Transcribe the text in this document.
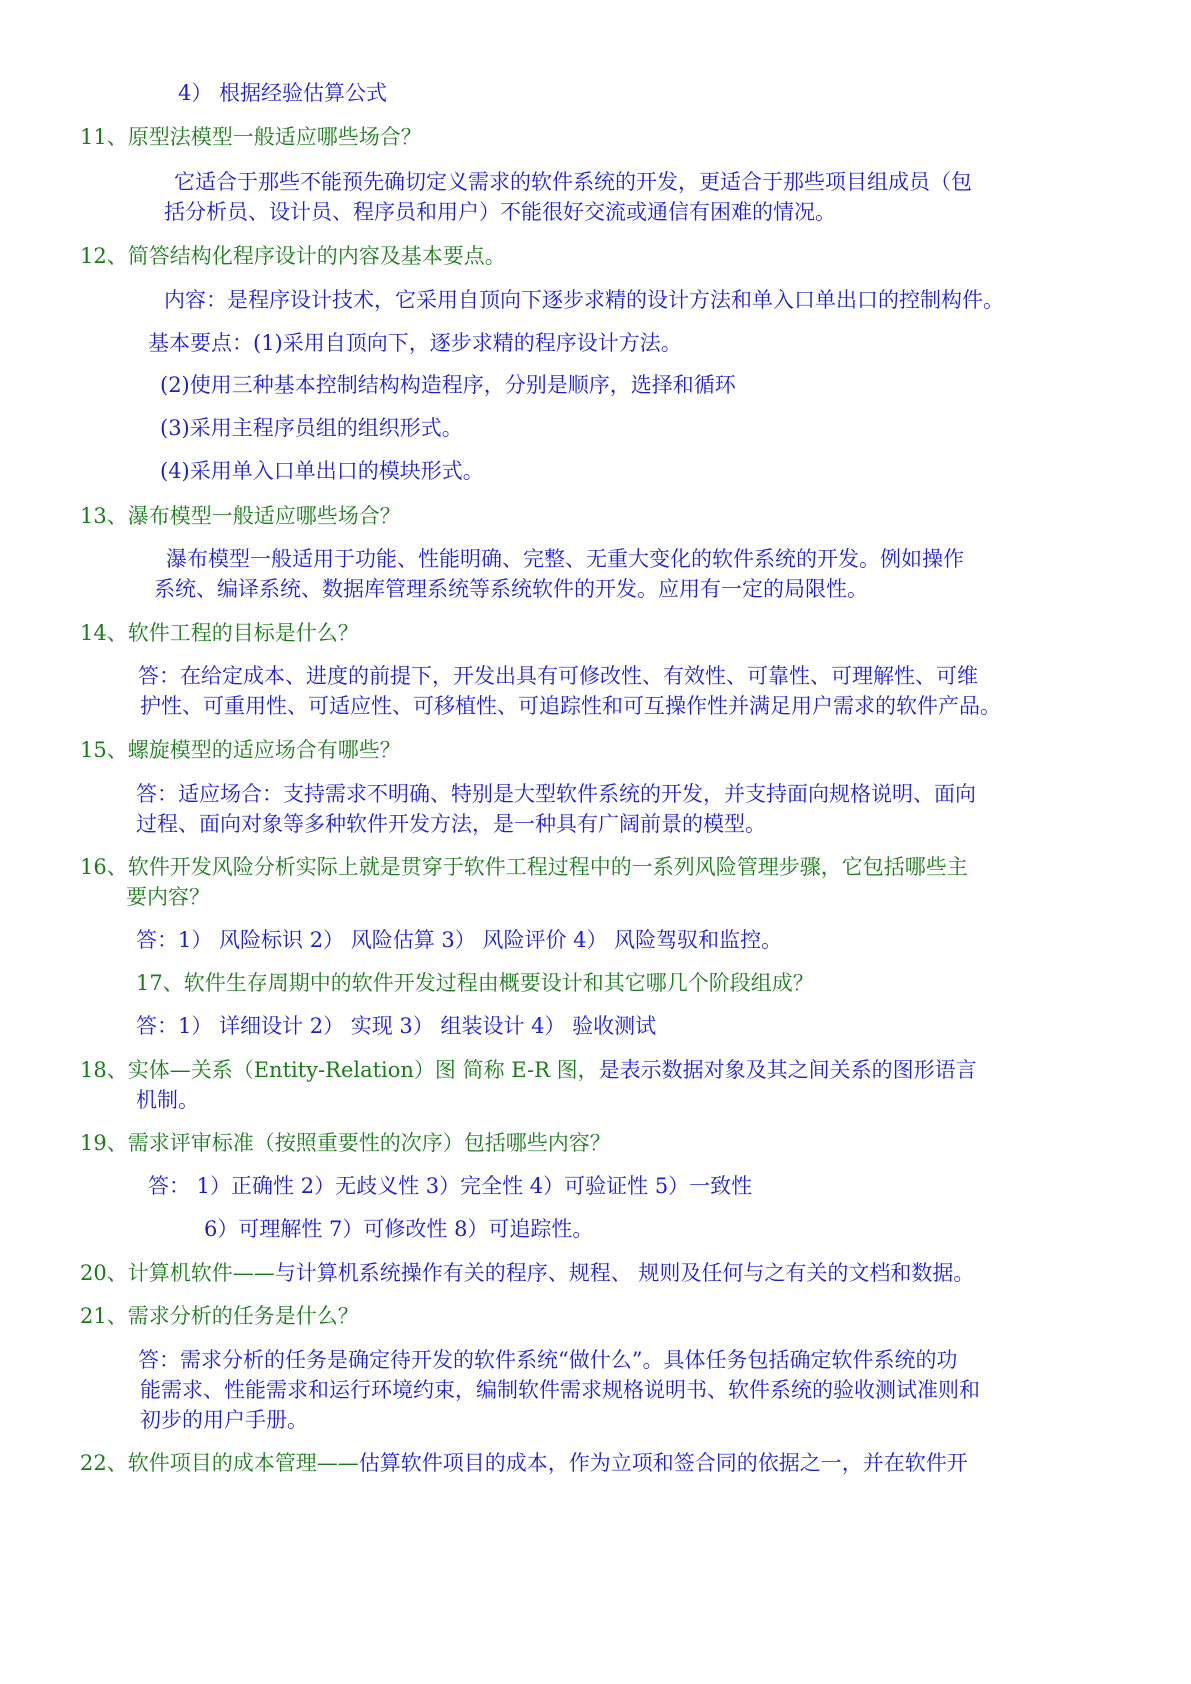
4） 根据经验估算公式
11、原型法模型一般适应哪些场合？
它适合于那些不能预先确切定义需求的软件系统的开发，更适合于那些项目组成员（包
括分析员、设计员、程序员和用户）不能很好交流或通信有困难的情况。
12、简答结构化程序设计的内容及基本要点。
内容：是程序设计技术，它采用自顶向下逐步求精的设计方法和单入口单出口的控制构件。
基本要点：(1)采用自顶向下，逐步求精的程序设计方法。
(2)使用三种基本控制结构构造程序，分别是顺序，选择和循环
(3)采用主程序员组的组织形式。
(4)采用单入口单出口的模块形式。
13、瀑布模型一般适应哪些场合？
瀑布模型一般适用于功能、性能明确、完整、无重大变化的软件系统的开发。例如操作
系统、编译系统、数据库管理系统等系统软件的开发。应用有一定的局限性。
14、软件工程的目标是什么？
答：在给定成本、进度的前提下，开发出具有可修改性、有效性、可靠性、可理解性、可维
护性、可重用性、可适应性、可移植性、可追踪性和可互操作性并满足用户需求的软件产品。
15、螺旋模型的适应场合有哪些？
答：适应场合：支持需求不明确、特别是大型软件系统的开发，并支持面向规格说明、面向
过程、面向对象等多种软件开发方法，是一种具有广阔前景的模型。
16、软件开发风险分析实际上就是贯穿于软件工程过程中的一系列风险管理步骤，它包括哪些主
要内容？
答：1） 风险标识 2） 风险估算 3） 风险评价 4） 风险驾驭和监控。
17、软件生存周期中的软件开发过程由概要设计和其它哪几个阶段组成？
答：1） 详细设计 2） 实现 3） 组装设计 4） 验收测试
18、实体—关系（Entity-Relation）图 简称 E-R 图，是表示数据对象及其之间关系的图形语言
机制。
19、需求评审标准（按照重要性的次序）包括哪些内容？
答： 1）正确性 2）无歧义性 3）完全性 4）可验证性 5）一致性
6）可理解性 7）可修改性 8）可追踪性。
20、计算机软件——与计算机系统操作有关的程序、规程、 规则及任何与之有关的文档和数据。
21、需求分析的任务是什么？
答：需求分析的任务是确定待开发的软件系统“做什么”。具体任务包括确定软件系统的功
能需求、性能需求和运行环境约束，编制软件需求规格说明书、软件系统的验收测试准则和
初步的用户手册。
22、软件项目的成本管理——估算软件项目的成本，作为立项和签合同的依据之一，并在软件开
